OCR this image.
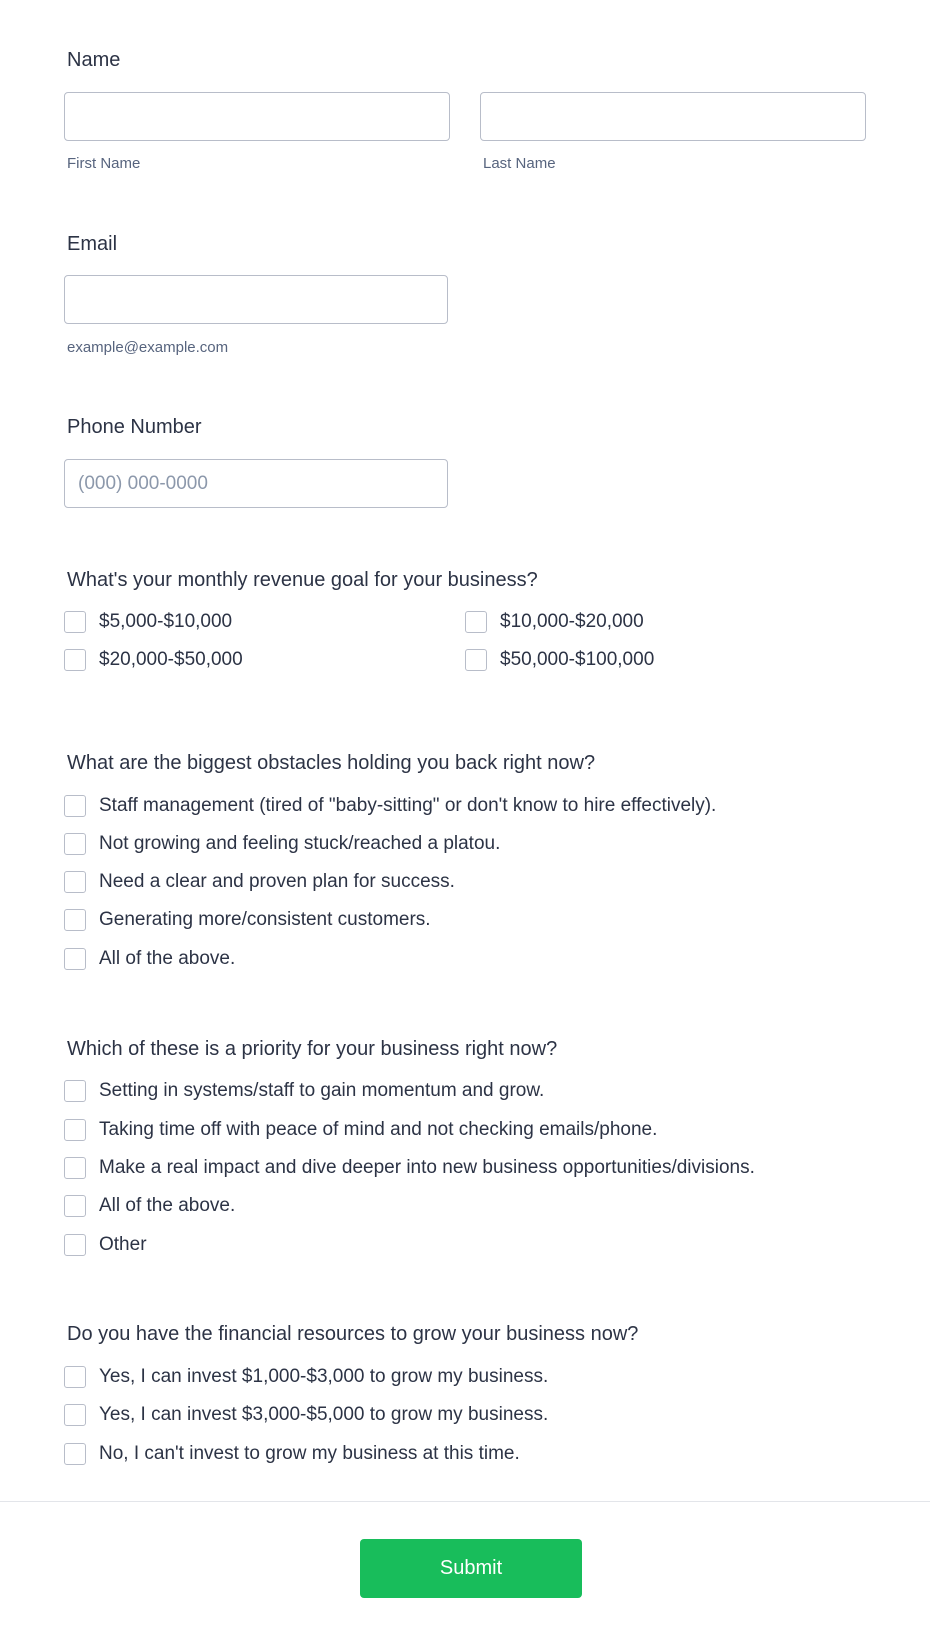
Name
First Name	Last Name
Email
example@example.com
Phone Number
(000) 000-0000
What's your monthly revenue goal for your business?
$5,000-$10,000	$10,000-$20,000
$20,000-$50,000	$50,000-$100,000
What are the biggest obstacles holding you back right now?
Staff management (tired of "baby-sitting" or don't know to hire effectively).
Not growing and feeling stuck/reached a platou.
Need a clear and proven plan for success.
Generating more/consistent customers.
All of the above.
Which of these is a priority for your business right now?
Setting in systems/staff to gain momentum and grow.
Taking time off with peace of mind and not checking emails/phone.
Make a real impact and dive deeper into new business opportunities/divisions.
All of the above.
Other
Do you have the financial resources to grow your business now?
Yes, I can invest $1,000-$3,000 to grow my business.
Yes, I can invest $3,000-$5,000 to grow my business.
No, I can't invest to grow my business at this time.
Submit
